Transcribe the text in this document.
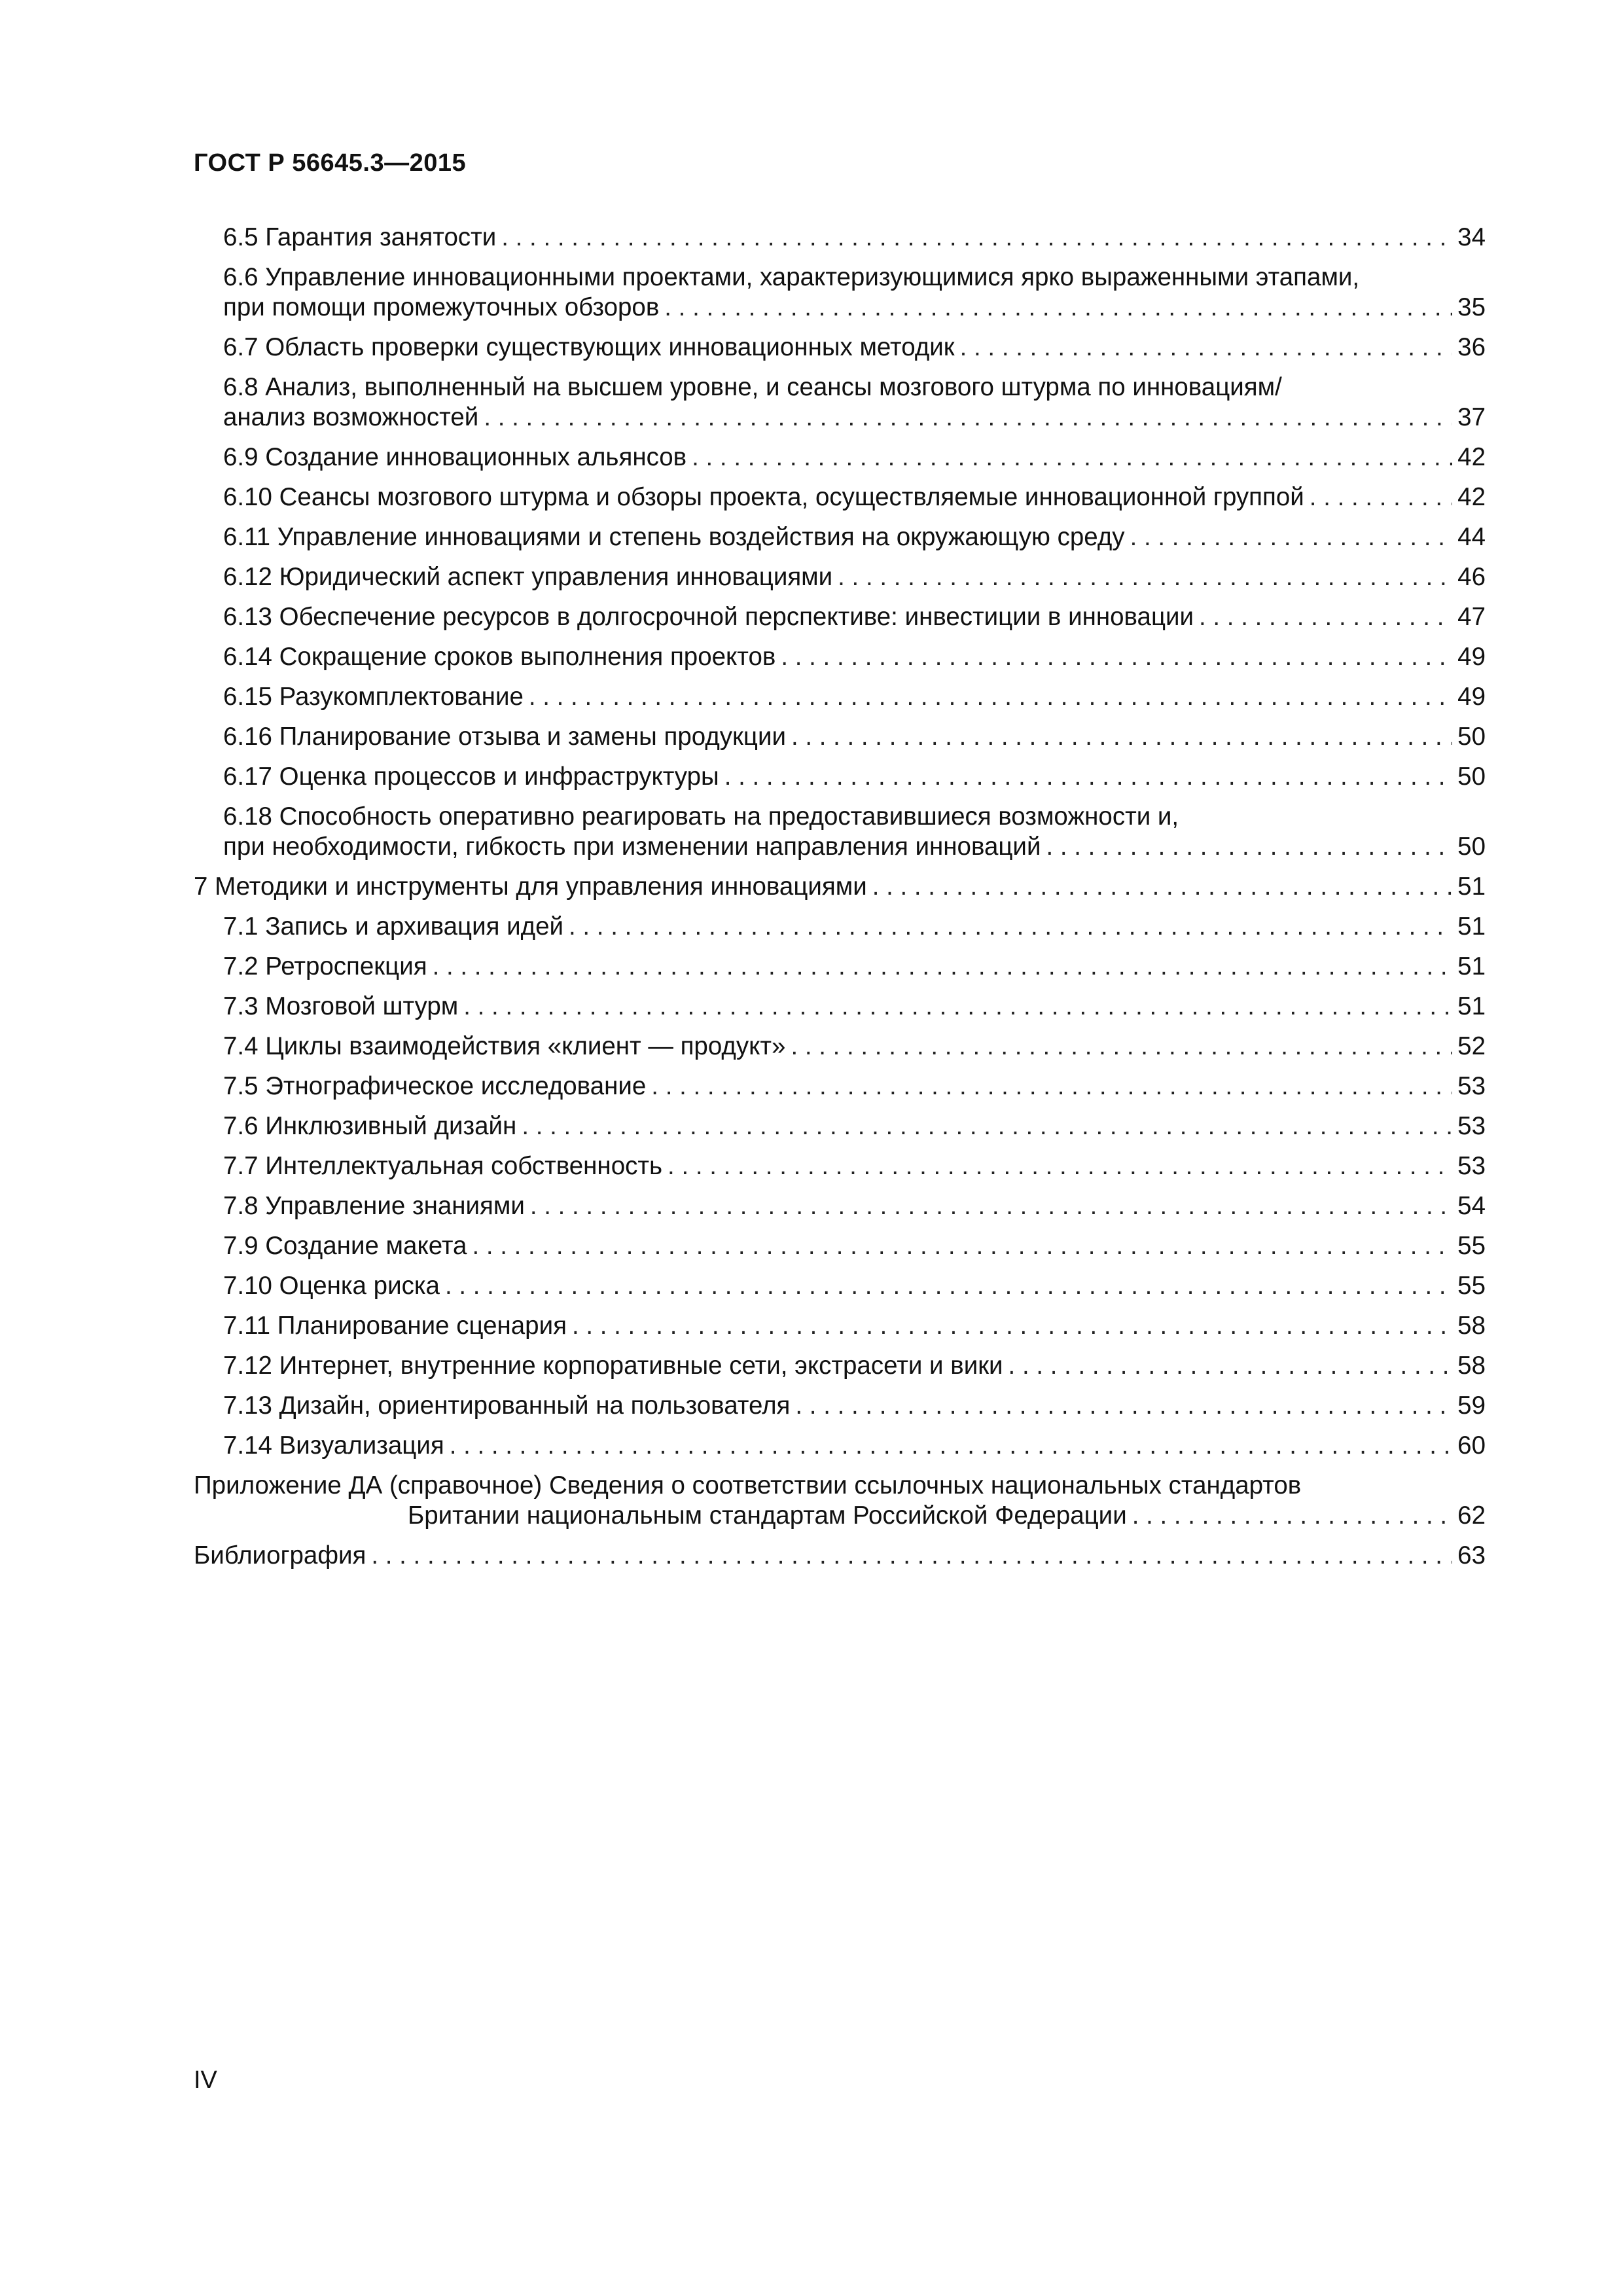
ГОСТ Р 56645.3—2015
6.5 Гарантия занятости . . .	34
6.6 Управление инновационными проектами, характеризующимися ярко выраженными этапами,
при помощи промежуточных обзоров . . .	35
6.7 Область проверки существующих инновационных методик . . .	36
6.8 Анализ, выполненный на высшем уровне, и сеансы мозгового штурма по инновациям/
анализ возможностей . . .	37
6.9 Создание инновационных альянсов . . .	42
6.10 Сеансы мозгового штурма и обзоры проекта, осуществляемые инновационной группой . . .	42
6.11 Управление инновациями и степень воздействия на окружающую среду . . .	44
6.12 Юридический аспект управления инновациями . . .	46
6.13 Обеспечение ресурсов в долгосрочной перспективе: инвестиции в инновации . . .	47
6.14 Сокращение сроков выполнения проектов . . .	49
6.15 Разукомплектование . . .	49
6.16 Планирование отзыва и замены продукции . . .	50
6.17 Оценка процессов и инфраструктуры . . .	50
6.18 Способность оперативно реагировать на предоставившиеся возможности и,
при необходимости, гибкость при изменении направления инноваций . . .	50
7 Методики и инструменты для управления инновациями . . .	51
7.1 Запись и архивация идей . . .	51
7.2 Ретроспекция . . .	51
7.3 Мозговой штурм . . .	51
7.4 Циклы взаимодействия «клиент — продукт» . . .	52
7.5 Этнографическое исследование . . .	53
7.6 Инклюзивный дизайн . . .	53
7.7 Интеллектуальная собственность . . .	53
7.8 Управление знаниями . . .	54
7.9 Создание макета . . .	55
7.10 Оценка риска . . .	55
7.11 Планирование сценария . . .	58
7.12 Интернет, внутренние корпоративные сети, экстрасети и вики . . .	58
7.13 Дизайн, ориентированный на пользователя . . .	59
7.14 Визуализация . . .	60
Приложение ДА (справочное) Сведения о соответствии ссылочных национальных стандартов
Британии национальным стандартам Российской Федерации . . .	62
Библиография . . .	63
IV
